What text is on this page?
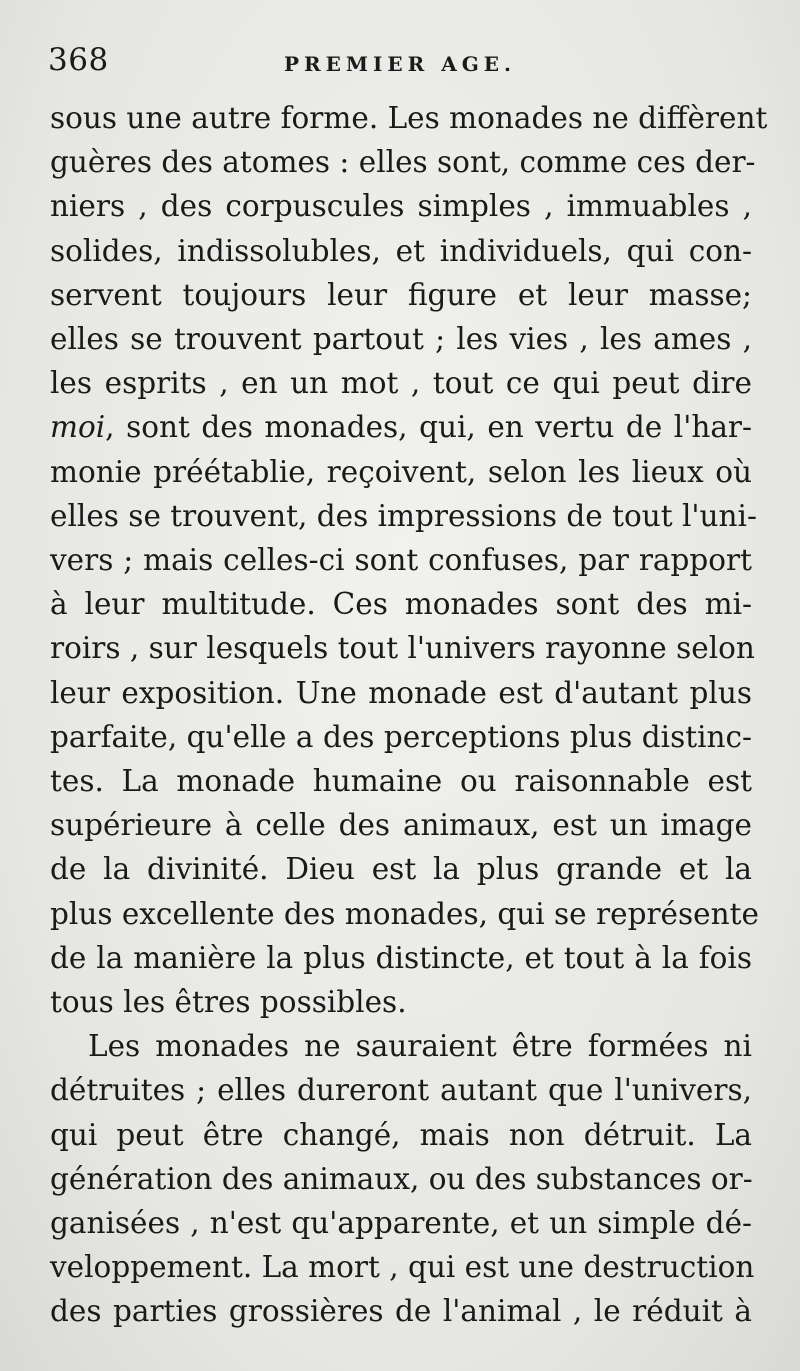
368	PREMIER AGE.
sous une autre forme. Les monades ne diffèrent
guères des atomes : elles sont, comme ces der-
niers , des corpuscules simples , immuables ,
solides, indissolubles, et individuels, qui con-
servent toujours leur figure et leur masse;
elles se trouvent partout ; les vies , les ames ,
les esprits , en un mot , tout ce qui peut dire
moi, sont des monades, qui, en vertu de l'har-
monie préétablie, reçoivent, selon les lieux où
elles se trouvent, des impressions de tout l'uni-
vers ; mais celles-ci sont confuses, par rapport
à leur multitude. Ces monades sont des mi-
roirs , sur lesquels tout l'univers rayonne selon
leur exposition. Une monade est d'autant plus
parfaite, qu'elle a des perceptions plus distinc-
tes. La monade humaine ou raisonnable est
supérieure à celle des animaux, est un image
de la divinité. Dieu est la plus grande et la
plus excellente des monades, qui se représente
de la manière la plus distincte, et tout à la fois
tous les êtres possibles.
Les monades ne sauraient être formées ni
détruites ; elles dureront autant que l'univers,
qui peut être changé, mais non détruit. La
génération des animaux, ou des substances or-
ganisées , n'est qu'apparente, et un simple dé-
veloppement. La mort , qui est une destruction
des parties grossières de l'animal , le réduit à
